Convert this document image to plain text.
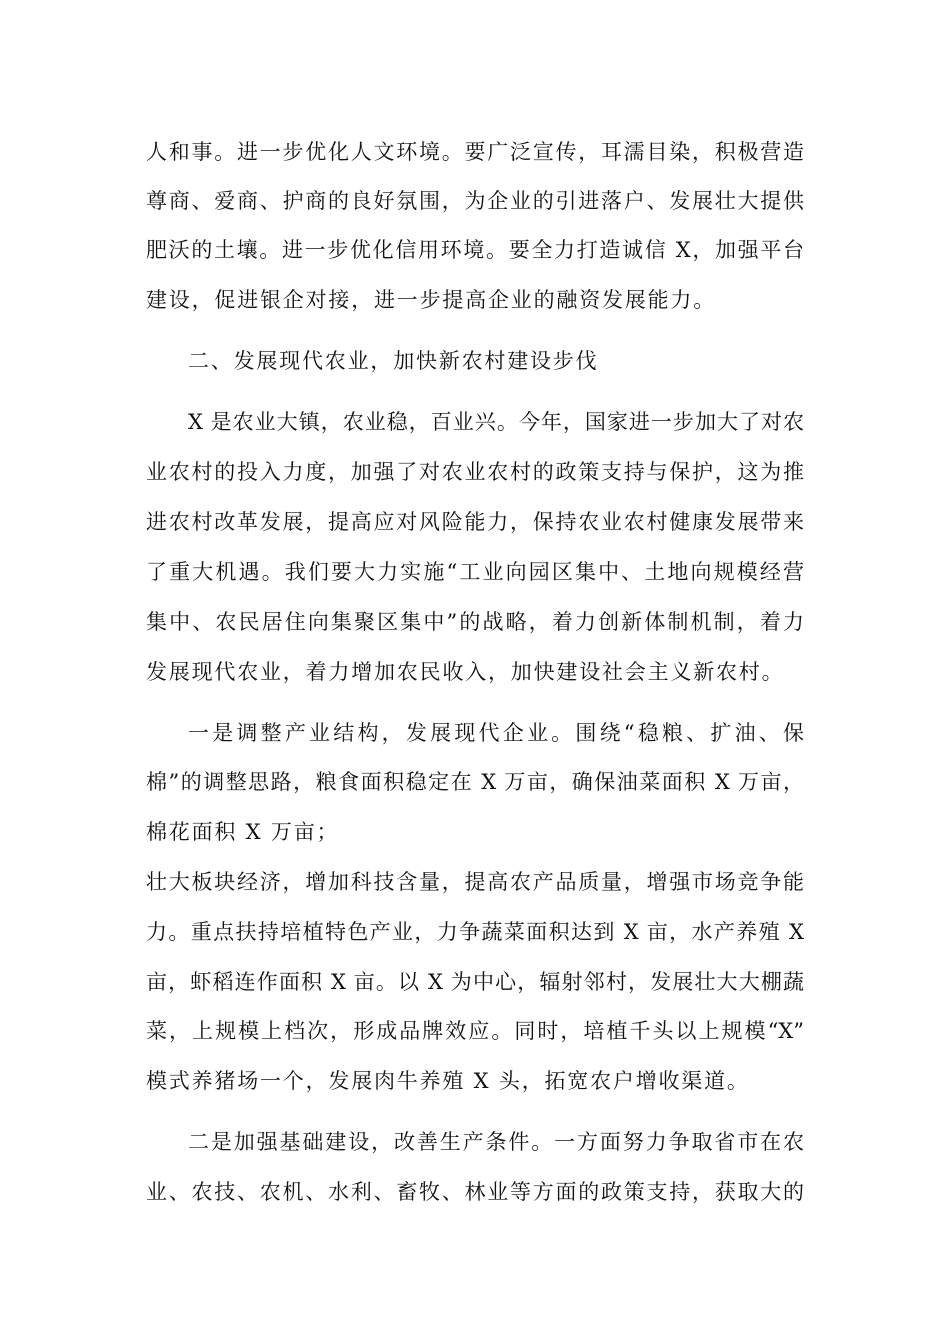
人和事。进一步优化人文环境。要广泛宣传，耳濡目染，积极营造
尊商、爱商、护商的良好氛围，为企业的引进落户、发展壮大提供
肥沃的土壤。进一步优化信用环境。要全力打造诚信 X，加强平台
建设，促进银企对接，进一步提高企业的融资发展能力。
二、发展现代农业，加快新农村建设步伐
X 是农业大镇，农业稳，百业兴。今年，国家进一步加大了对农
业农村的投入力度，加强了对农业农村的政策支持与保护，这为推
进农村改革发展，提高应对风险能力，保持农业农村健康发展带来
了重大机遇。我们要大力实施“工业向园区集中、土地向规模经营
集中、农民居住向集聚区集中”的战略，着力创新体制机制，着力
发展现代农业，着力增加农民收入，加快建设社会主义新农村。
一是调整产业结构，发展现代企业。围绕“稳粮、扩油、保
棉”的调整思路，粮食面积稳定在 X 万亩，确保油菜面积 X 万亩，
棉花面积 X 万亩；
壮大板块经济，增加科技含量，提高农产品质量，增强市场竞争能
力。重点扶持培植特色产业，力争蔬菜面积达到 X 亩，水产养殖 X
亩，虾稻连作面积 X 亩。以 X 为中心，辐射邻村，发展壮大大棚蔬
菜，上规模上档次，形成品牌效应。同时，培植千头以上规模“X”
模式养猪场一个，发展肉牛养殖 X 头，拓宽农户增收渠道。
二是加强基础建设，改善生产条件。一方面努力争取省市在农
业、农技、农机、水利、畜牧、林业等方面的政策支持，获取大的
